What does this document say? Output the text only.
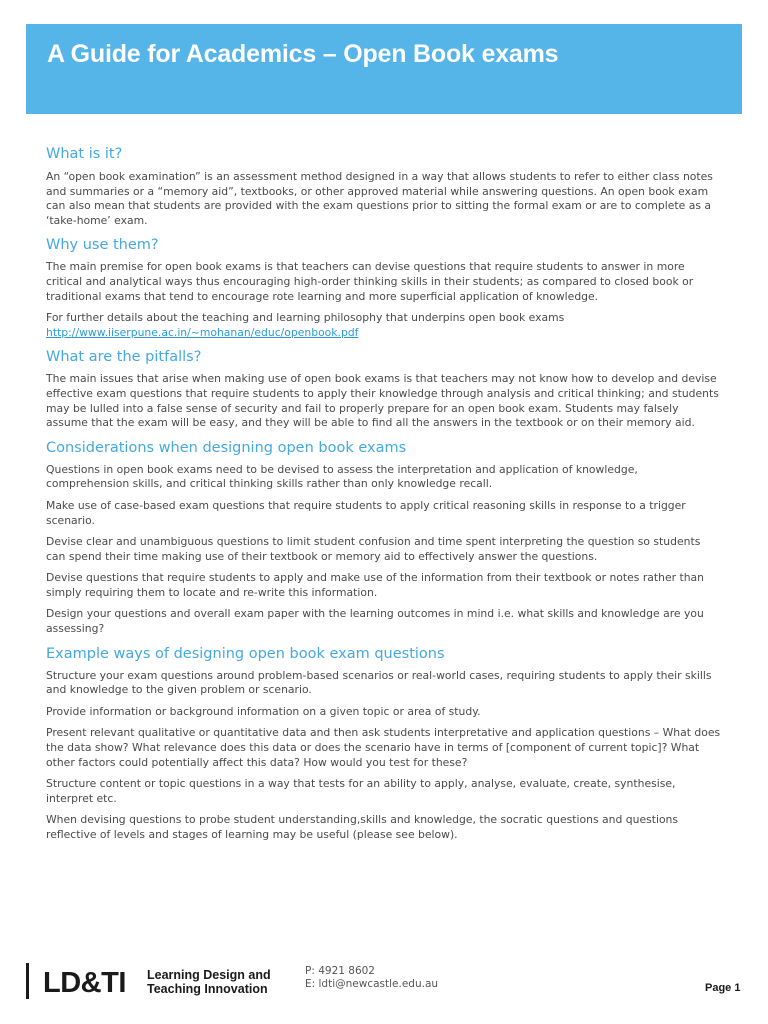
A Guide for Academics – Open Book exams
What is it?

An “open book examination” is an assessment method designed in a way that allows students to refer to either class notes and summaries or a “memory aid”, textbooks, or other approved material while answering questions. An open book exam can also mean that students are provided with the exam questions prior to sitting the formal exam or are to complete as a ‘take-home’ exam.

Why use them?

The main premise for open book exams is that teachers can devise questions that require students to answer in more critical and analytical ways thus encouraging high-order thinking skills in their students; as compared to closed book or traditional exams that tend to encourage rote learning and more superficial application of knowledge.

For further details about the teaching and learning philosophy that underpins open book exams
http://www.iiserpune.ac.in/~mohanan/educ/openbook.pdf

What are the pitfalls?

The main issues that arise when making use of open book exams is that teachers may not know how to develop and devise effective exam questions that require students to apply their knowledge through analysis and critical thinking; and students may be lulled into a false sense of security and fail to properly prepare for an open book exam. Students may falsely assume that the exam will be easy, and they will be able to find all the answers in the textbook or on their memory aid.

Considerations when designing open book exams

Questions in open book exams need to be devised to assess the interpretation and application of knowledge, comprehension skills, and critical thinking skills rather than only knowledge recall.

Make use of case-based exam questions that require students to apply critical reasoning skills in response to a trigger scenario.

Devise clear and unambiguous questions to limit student confusion and time spent interpreting the question so students can spend their time making use of their textbook or memory aid to effectively answer the questions.

Devise questions that require students to apply and make use of the information from their textbook or notes rather than simply requiring them to locate and re-write this information.

Design your questions and overall exam paper with the learning outcomes in mind i.e. what skills and knowledge are you assessing?

Example ways of designing open book exam questions

Structure your exam questions around problem-based scenarios or real-world cases, requiring students to apply their skills and knowledge to the given problem or scenario.

Provide information or background information on a given topic or area of study.

Present relevant qualitative or quantitative data and then ask students interpretative and application questions – What does the data show? What relevance does this data or does the scenario have in terms of [component of current topic]? What other factors could potentially affect this data? How would you test for these?

Structure content or topic questions in a way that tests for an ability to apply, analyse, evaluate, create, synthesise, interpret etc.

When devising questions to probe student understanding,skills and knowledge, the socratic questions and questions reflective of levels and stages of learning may be useful (please see below).

LD&TI Learning Design and
Teaching Innovation
P: 4921 8602
E: ldti@newcastle.edu.au	Page 1
